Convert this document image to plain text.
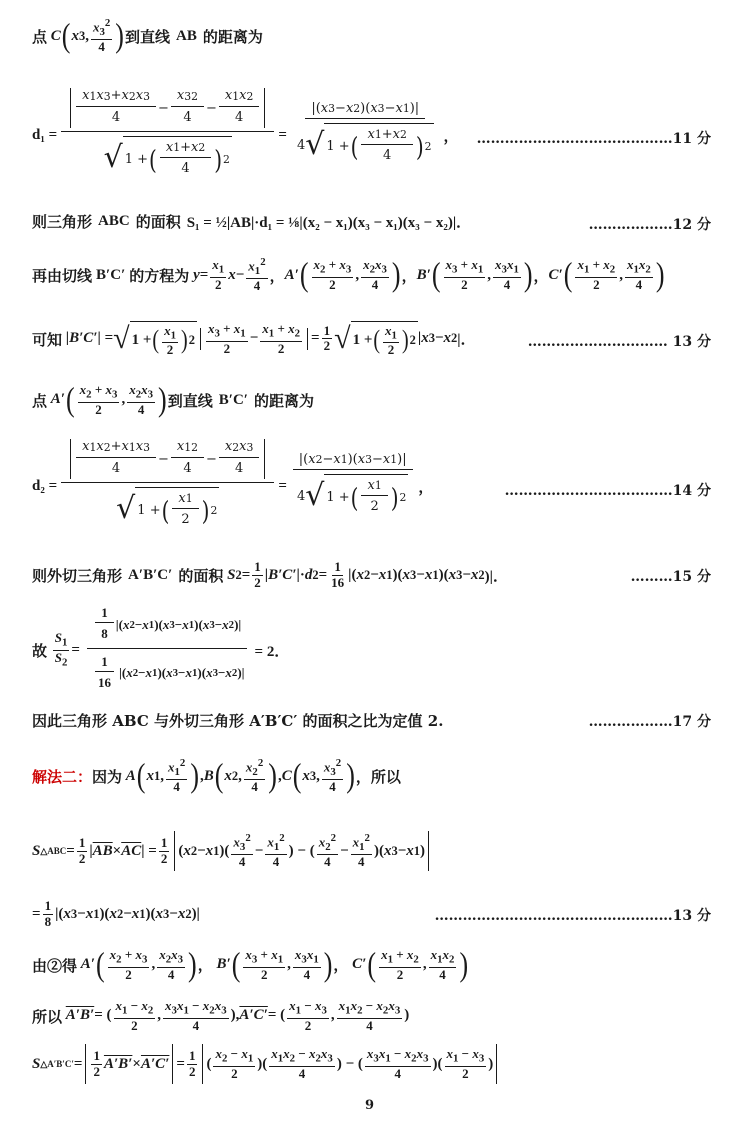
点
C ( x 3 , $\frac{x_3^2}{4}$ ) 到直线 AB 的距离为
$d_1 = \frac{\frac{x 1 x 3 + x 2 x 3}{4} - \frac{x 3 2}{4} - \frac{x 1 x 2}{4}}{√ 1 + ( \frac{x 1 + x 2}{4} ) 2} = \frac{|( x 3 - x 2 )( x 3 - x 1 )|}{4 √ 1 + ( \frac{x 1 + x 2}{4} ) 2}$ ， ……………………………………11 分
则三角形 ABC 的面积 S₁ = ½|AB|·d₁ = ⅛|(x₂ − x₁)(x₃ − x₁)(x₃ − x₂)|．	………………12 分
再由切线 B′C′ 的方程为
$y = \frac{x_1}{2}$ $x - \frac{x_1^2}{4}$ ， A′ ( $\frac{x_2 + x_3}{2}$ , $\frac{x_2x_3}{4}$ ) ， B′ ( $\frac{x_3 + x_1}{2}$ , $\frac{x_3x_1}{4}$ ) ， C′ ( $\frac{x_1 + x_2}{2}$ , $\frac{x_1x_2}{4}$ )
可知 | B′C′ | = √ 1 + ( $\frac{x_1}{2}$ ) $2 \frac{x_3 + x_1}{2} - \frac{x_1 + x_2}{2} = \frac{1}{2}$ √ 1 + ( $\frac{x_1}{2}$ ) 2 | x 3 − x 2 |．	………………………… 13 分
点
A′ ( $\frac{x_2 + x_3}{2}$ , $\frac{x_2x_3}{4}$ ) 到直线 B′C′ 的距离为
$d_2 = \frac{\frac{x 1 x 2 + x 1 x 3}{4} - \frac{x 1 2}{4} - \frac{x 2 x 3}{4}}{√ 1 + ( \frac{x 1}{2} ) 2} = \frac{|( x 2 - x 1 )( x 3 - x 1 )|}{4 √ 1 + ( \frac{x 1}{2} ) 2}$ ，	………………………………14 分
则外切三角形 A′B′C′ 的面积
S $2 = \frac{1}{2}$ | B′C′ |· d $2 = \frac{1}{16}$ |( x 2 − x 1 )( x 3 − x 1 )( x 3 − x 2 )|．	………15 分
故
$\frac{S_1}{S_2} = \frac{\frac{1}{8} |( x 2 - x 1 )( x 3 - x 1 )( x 3 - x 2 )|}{\frac{1}{16} |( x 2 - x 1 )( x 3 - x 1 )( x 3 - x 2 )|} = 2$．
因此三角形 ABC 与外切三角形 A′B′C′ 的面积之比为定值 2.	………………17 分
解法二： 因为
A ( x 1 , $\frac{x_1^2}{4}$ ) , B ( x 2 , $\frac{x_2^2}{4}$ ) , C ( x 3 , $\frac{x_3^2}{4}$ ) ，所以
S △ABC = $\frac{1}{2}$ | $\overline{AB} \times \overline{AC}$ | = $\frac{1}{2}$ ( x 2 − x 1 )( $\frac{x_3^2}{4} - \frac{x_1^2}{4}$ ) − ( $\frac{x_2^2}{4} - \frac{x_1^2}{4}$ )( x 3 − x 1 )
= $\frac{1}{8}$ |( x 3 − x 1 )( x 2 − x 1 )( x 3 − x 2 )|	……………………………………………13 分
由②得
A′ ( $\frac{x_2 + x_3}{2}$ , $\frac{x_2x_3}{4}$ ) ， B′ ( $\frac{x_3 + x_1}{2}$ , $\frac{x_3x_1}{4}$ ) ， C′ ( $\frac{x_1 + x_2}{2}$ , $\frac{x_1x_2}{4}$ )
所以
A′B′ = ( $\frac{x_1 - x_2}{2}$ , $\frac{x_3x_1 - x_2x_3}{4}$ ), A′C′ = ( $\frac{x_1 - x_3}{2}$ , $\frac{x_1x_2 - x_2x_3}{4}$ )
S △A′B′C′ = $\frac{1}{2} A'B' \times A'C' = \frac{1}{2}$ ( $\frac{x_2 - x_1}{2}$ )( $\frac{x_1x_2 - x_2x_3}{4}$ ) − ( $\frac{x_3x_1 - x_2x_3}{4}$ )( $\frac{x_1 - x_3}{2}$ )
9
